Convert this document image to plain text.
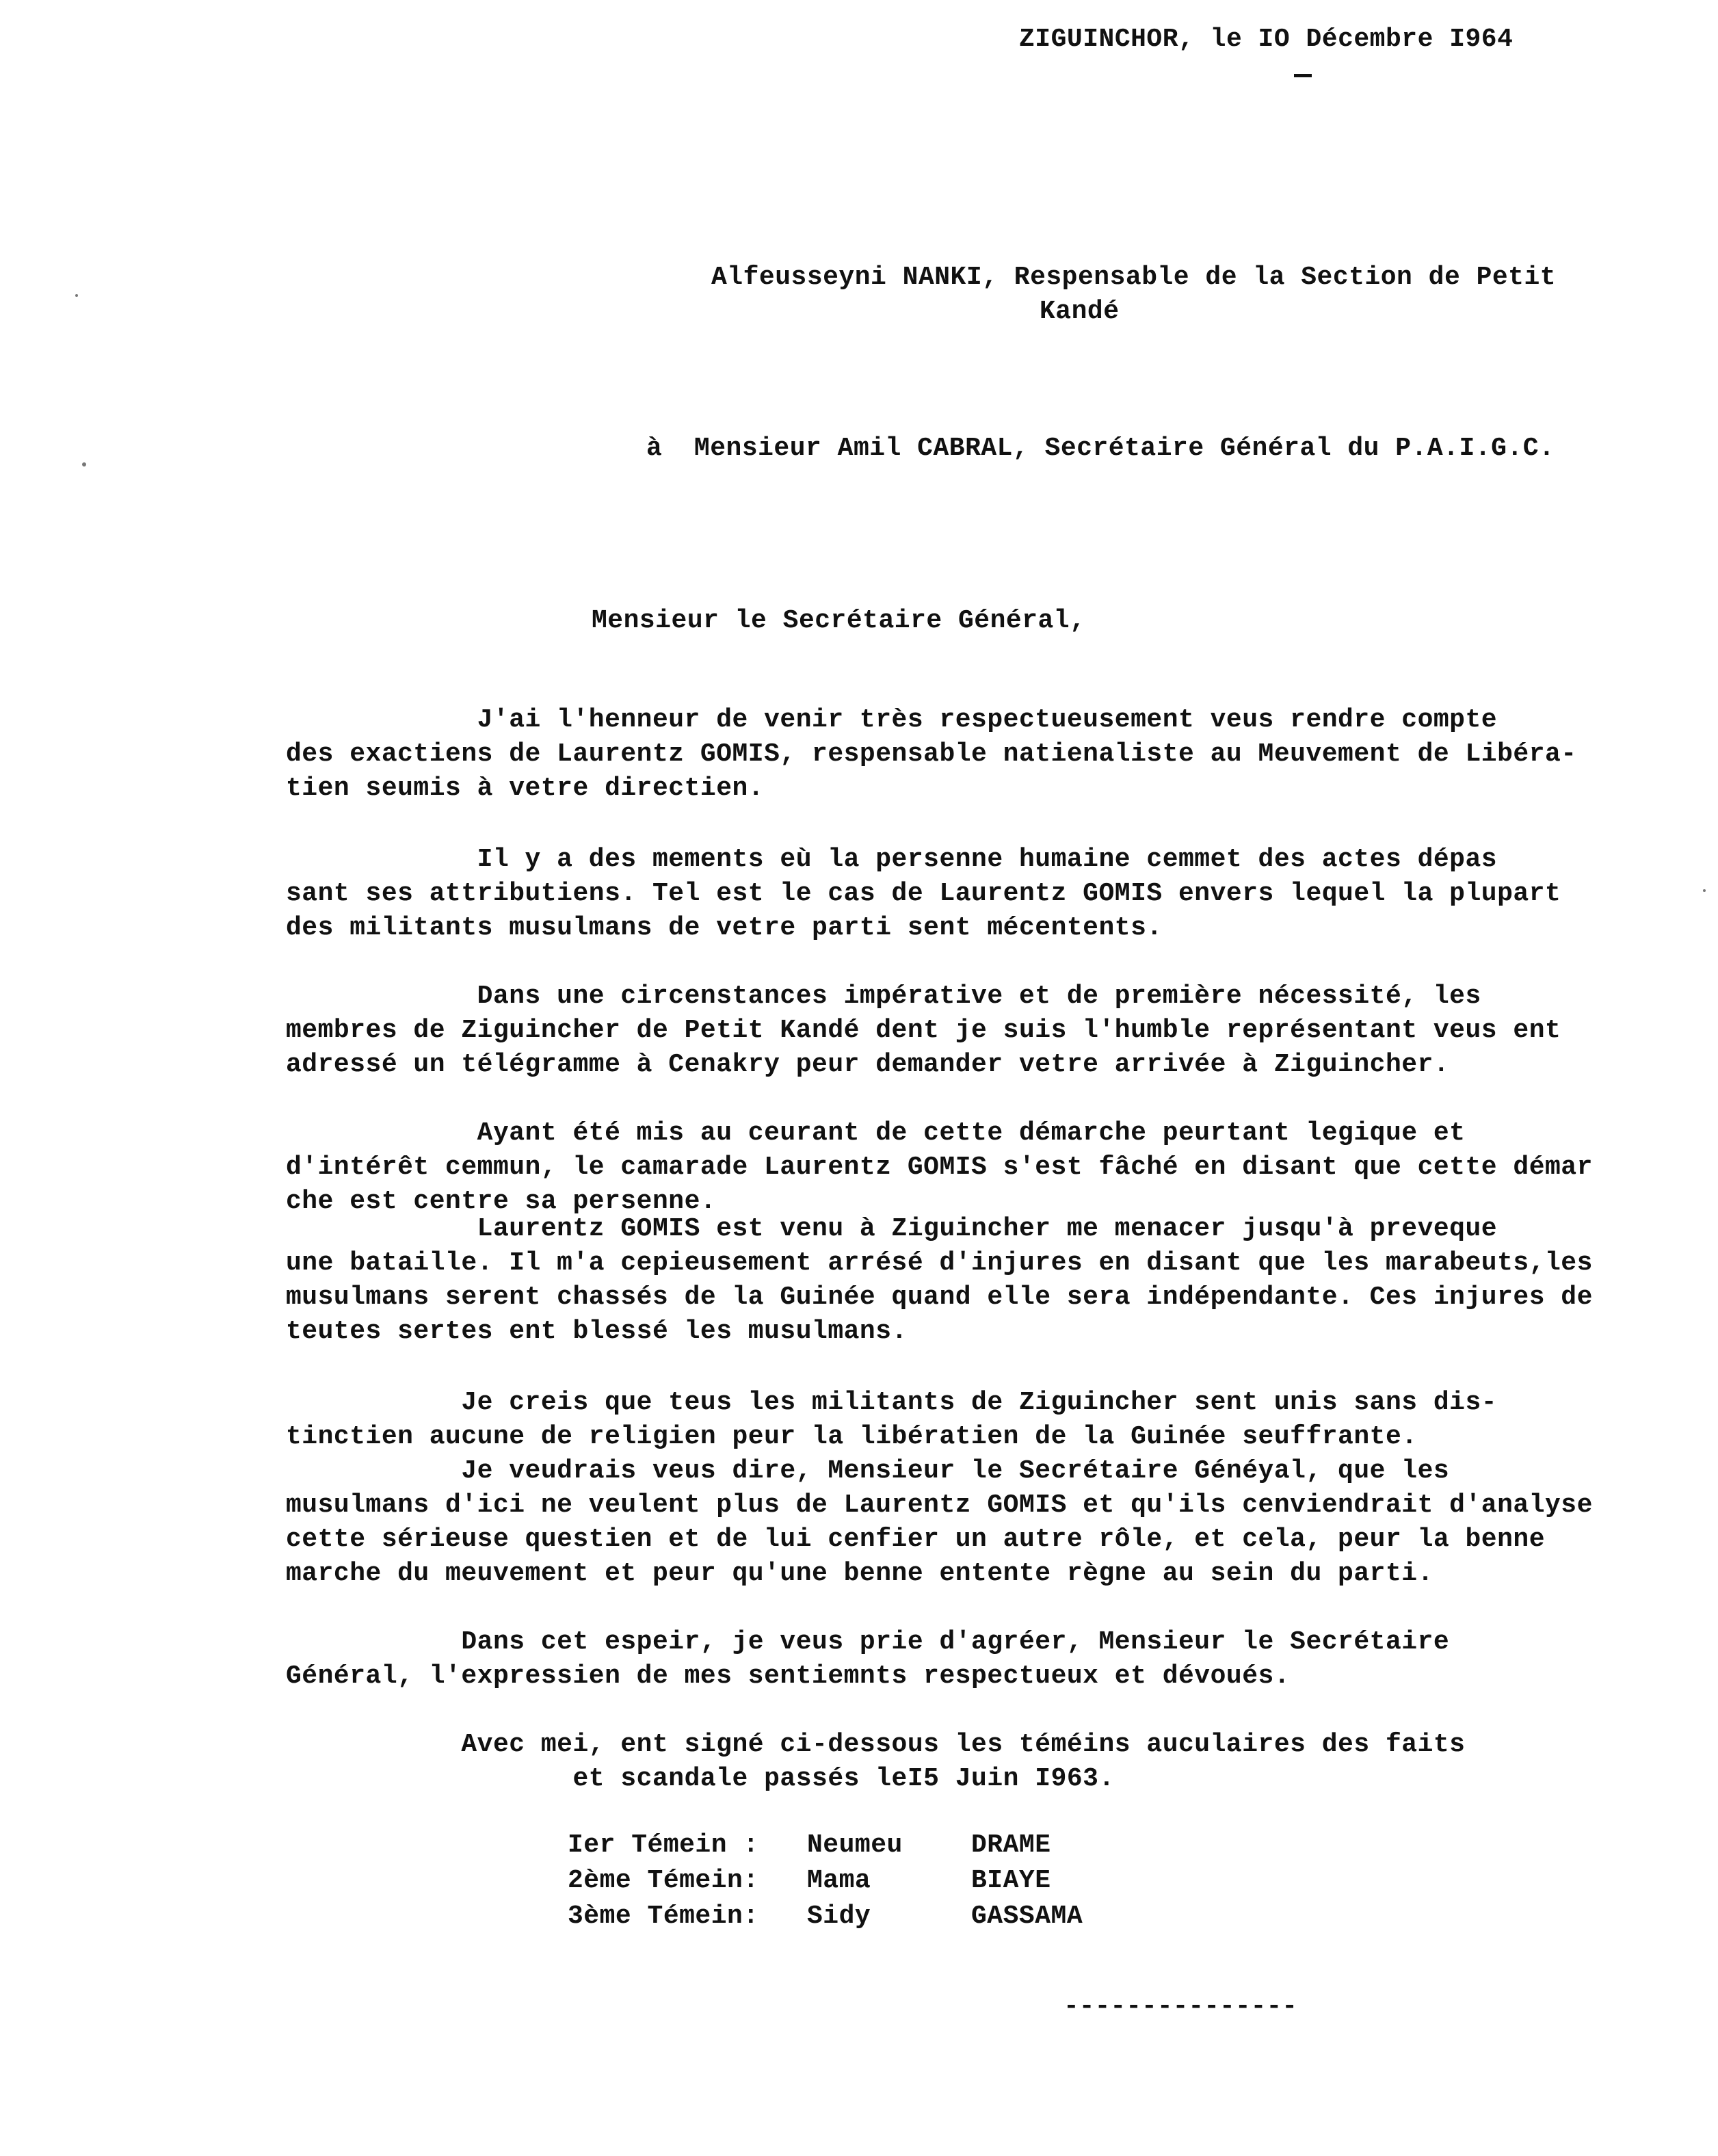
ZIGUINCHOR, le IO Décembre I964
Alfeusseyni NANKI, Respensable de la Section de Petit
Kandé
à  Mensieur Amil CABRAL, Secrétaire Général du P.A.I.G.C.
Mensieur le Secrétaire Général,
J'ai l'henneur de venir très respectueusement veus rendre compte
des exactiens de Laurentz GOMIS, respensable natienaliste au Meuvement de Libéra-
tien seumis à vetre directien.
Il y a des mements eù la persenne humaine cemmet des actes dépas
sant ses attributiens. Tel est le cas de Laurentz GOMIS envers lequel la plupart
des militants musulmans de vetre parti sent mécentents.
Dans une circenstances impérative et de première nécessité, les
membres de Ziguincher de Petit Kandé dent je suis l'humble représentant veus ent
adressé un télégramme à Cenakry peur demander vetre arrivée à Ziguincher.
Ayant été mis au ceurant de cette démarche peurtant legique et
d'intérêt cemmun, le camarade Laurentz GOMIS s'est fâché en disant que cette démar
che est centre sa persenne.
Laurentz GOMIS est venu à Ziguincher me menacer jusqu'à preveque
une bataille. Il m'a cepieusement arrésé d'injures en disant que les marabeuts,les
musulmans serent chassés de la Guinée quand elle sera indépendante. Ces injures de
teutes sertes ent blessé les musulmans.
Je creis que teus les militants de Ziguincher sent unis sans dis-
tinctien aucune de religien peur la libératien de la Guinée seuffrante.
Je veudrais veus dire, Mensieur le Secrétaire Généyal, que les
musulmans d'ici ne veulent plus de Laurentz GOMIS et qu'ils cenviendrait d'analyse
cette sérieuse questien et de lui cenfier un autre rôle, et cela, peur la benne
marche du meuvement et peur qu'une benne entente règne au sein du parti.
Dans cet espeir, je veus prie d'agréer, Mensieur le Secrétaire
Général, l'expressien de mes sentiemnts respectueux et dévoués.
Avec mei, ent signé ci-dessous les téméins auculaires des faits
et scandale passés leI5 Juin I963.
Ier Témein :	Neumeu	DRAME
2ème Témein:	Mama	BIAYE
3ème Témein:	Sidy	GASSAMA
---------------
